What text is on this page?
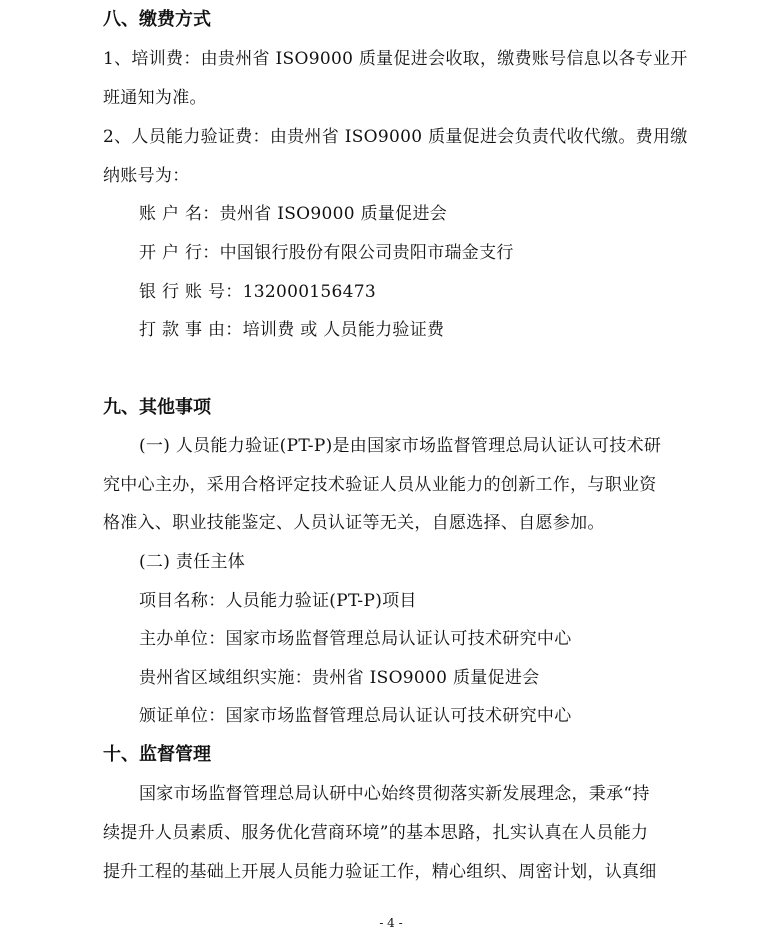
八、缴费方式
1、培训费：由贵州省 ISO9000 质量促进会收取，缴费账号信息以各专业开
班通知为准。
2、人员能力验证费：由贵州省 ISO9000 质量促进会负责代收代缴。费用缴
纳账号为：
账 户 名：贵州省 ISO9000 质量促进会
开 户 行：中国银行股份有限公司贵阳市瑞金支行
银 行 账 号：132000156473
打 款 事 由：培训费 或 人员能力验证费
九、其他事项
(一) 人员能力验证(PT-P)是由国家市场监督管理总局认证认可技术研
究中心主办，采用合格评定技术验证人员从业能力的创新工作，与职业资
格准入、职业技能鉴定、人员认证等无关，自愿选择、自愿参加。
(二) 责任主体
项目名称：人员能力验证(PT-P)项目
主办单位：国家市场监督管理总局认证认可技术研究中心
贵州省区域组织实施：贵州省 ISO9000 质量促进会
颁证单位：国家市场监督管理总局认证认可技术研究中心
十、监督管理
国家市场监督管理总局认研中心始终贯彻落实新发展理念，秉承“持
续提升人员素质、服务优化营商环境”的基本思路，扎实认真在人员能力
提升工程的基础上开展人员能力验证工作，精心组织、周密计划，认真细
- 4 -
